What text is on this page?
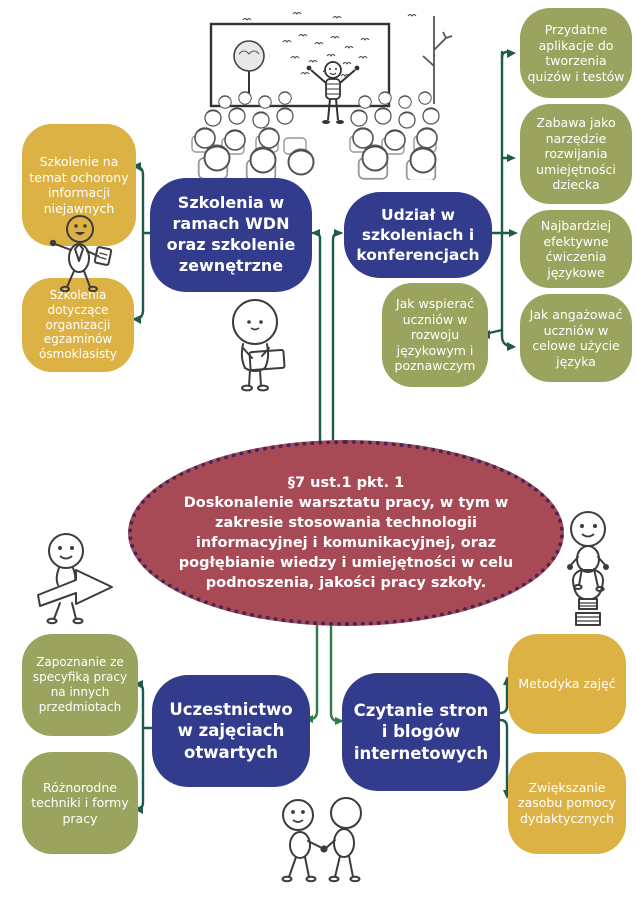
Szkolenie na temat ochorony informacji niejawnych
Szkolenia dotyczące organizacji egzaminów ósmoklasisty
Szkolenia w ramach WDN oraz szkolenie zewnętrzne
Udział w szkoleniach i konferencjach
Przydatne aplikacje do tworzenia quizów i testów
Zabawa jako narzędzie rozwijania umiejętności dziecka
Najbardziej efektywne ćwiczenia językowe
Jak angażować uczniów w celowe użycie języka
Jak wspierać uczniów w rozwoju językowym i poznawczym
§7 ust.1 pkt. 1
Doskonalenie warsztatu pracy, w tym w zakresie stosowania technologii informacyjnej i komunikacyjnej, oraz pogłębianie wiedzy i umiejętności w celu podnoszenia, jakości pracy szkoły.
Zapoznanie ze specyfiką pracy na innych przedmiotach
Różnorodne techniki i formy pracy
Uczestnictwo w zajęciach otwartych
Czytanie stron i blogów internetowych
Metodyka zajęć
Zwiększanie zasobu pomocy dydaktycznych
